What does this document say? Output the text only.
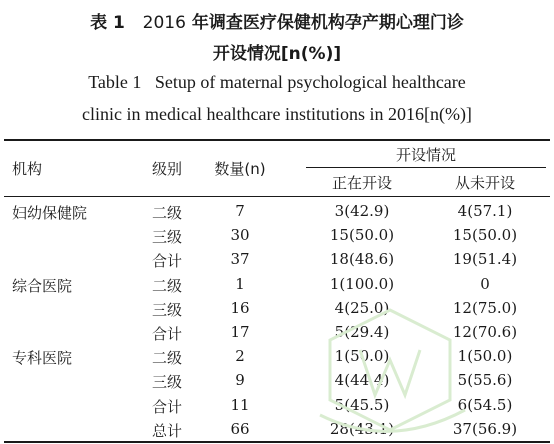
表 1 2016 年调查医疗保健机构孕产期心理门诊
开设情况[n(%)]
Table 1   Setup of maternal psychological healthcare
clinic in medical healthcare institutions in 2016[n(%)]
机构	级别	数量(n)
开设情况
正在开设	从未开设
妇幼保健院	二级	7	3(42.9)	4(57.1)
三级	30	15(50.0)	15(50.0)
合计	37	18(48.6)	19(51.4)
综合医院	二级	1	1(100.0)	0
三级	16	4(25.0)	12(75.0)
合计	17	5(29.4)	12(70.6)
专科医院	二级	2	1(50.0)	1(50.0)
三级	9	4(44.4)	5(55.6)
合计	11	5(45.5)	6(54.5)
总计	66	28(43.1)	37(56.9)
